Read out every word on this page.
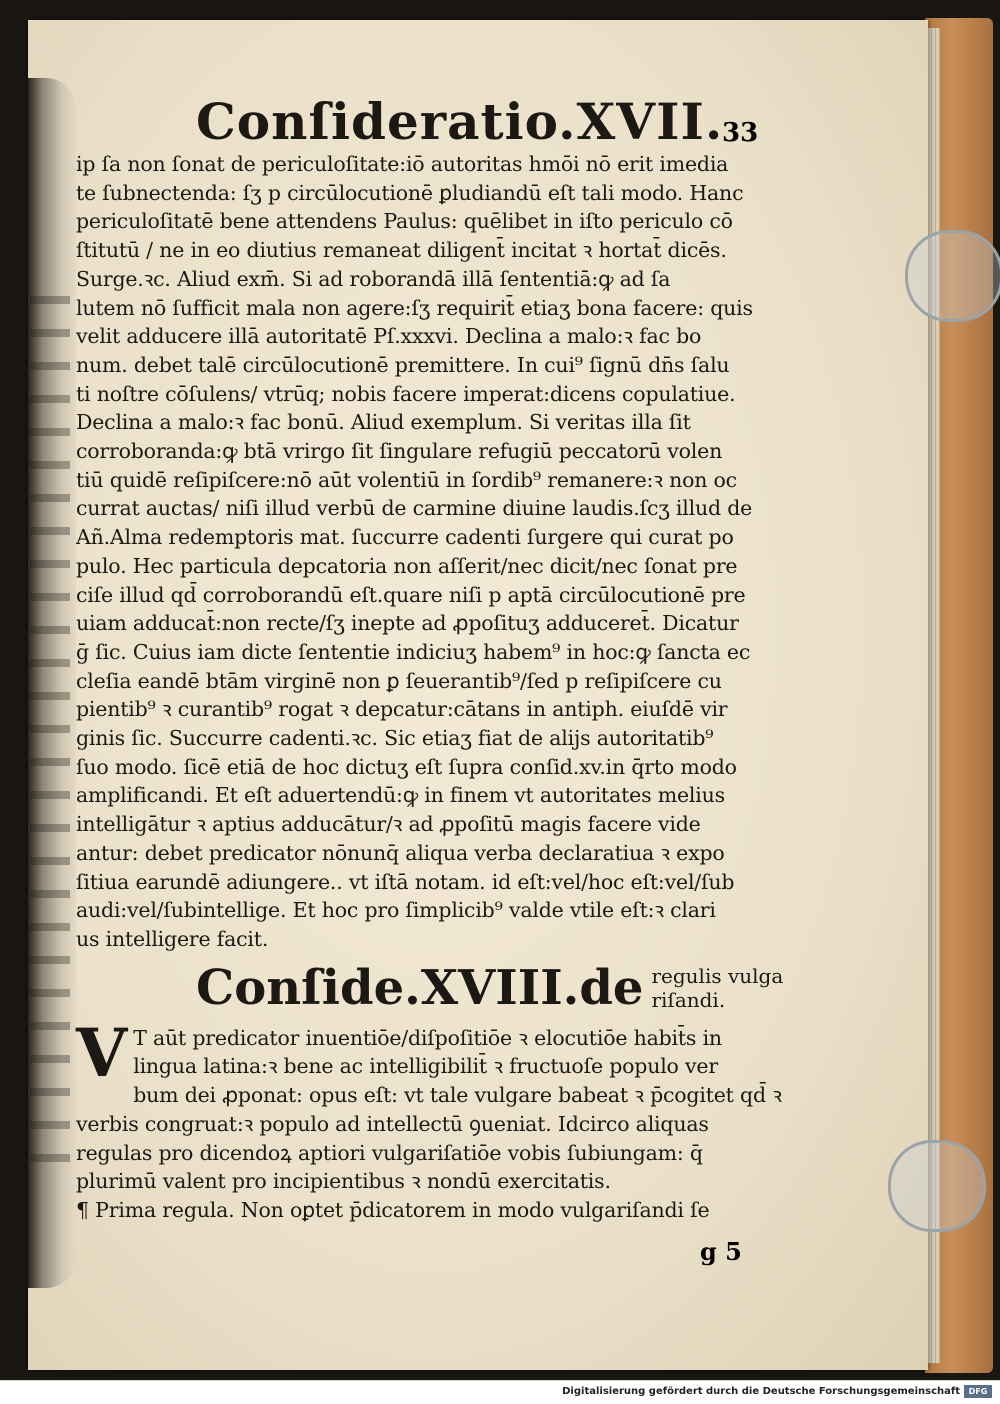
33
Conſideratio.XVII.
ip ſa non ſonat de periculoſitate:iō autoritas hmōi nō erit imedia
te ſubnectenda: ſʒ p circūlocutionē ꝑludiandū eſt tali modo. Hanc
periculoſitatē bene attendens Paulus: quēlibet in iſto periculo cō
ſtitutū / ne in eo diutius remaneat diligent̄ incitat ꝛ hortat̄ dicēs.
Surge.ꝛc. Aliud exm̄. Si ad roborandā illā ſententiā:ꝙ ad ſa
lutem nō ſufficit mala non agere:ſʒ requirit̄ etiaʒ bona facere: quis
velit adducere illā autoritatē Pſ.xxxvi. Declina a malo:ꝛ fac bo
num. debet talē circūlocutionē premittere. In cui⁹ ſignū dn̄s ſalu
ti noſtre cōſulens/ vtrūq; nobis facere imperat:dicens copulatiue.
Declina a malo:ꝛ fac bonū. Aliud exemplum. Si veritas illa ſit
corroboranda:ꝙ btā vrirgo ſit ſingulare refugiū peccatorū volen
tiū quidē reſipiſcere:nō aūt volentiū in ſordib⁹ remanere:ꝛ non oc
currat auctas/ niſi illud verbū de carmine diuine laudis.ſcʒ illud de
Añ.Alma redemptoris mat. ſuccurre cadenti ſurgere qui curat po
pulo. Hec particula depcatoria non aſſerit/nec dicit/nec ſonat pre
ciſe illud qd̄ corroborandū eſt.quare niſi p aptā circūlocutionē pre
uiam adducat̄:non recte/ſʒ inepte ad ꝓpoſituʒ adduceret̄. Dicatur
ḡ ſic. Cuius iam dicte ſententie indiciuʒ habem⁹ in hoc:ꝙ ſancta ec
cleſia eandē btām virginē non ꝑ ſeuerantib⁹/ſed p reſipiſcere cu
pientib⁹ ꝛ curantib⁹ rogat ꝛ depcatur:cātans in antiph. eiuſdē vir
ginis ſic. Succurre cadenti.ꝛc. Sic etiaʒ fiat de alijs autoritatib⁹
ſuo modo. ſicē etiā de hoc dictuʒ eſt ſupra conſid.xv.in q̄rto modo
amplificandi. Et eſt aduertendū:ꝙ in finem vt autoritates melius
intelligātur ꝛ aptius adducātur/ꝛ ad ꝓpoſitū magis facere vide
antur: debet predicator nōnunq̄ aliqua verba declaratiua ꝛ expo
ſitiua earundē adiungere.. vt iſtā notam. id eſt:vel/hoc eſt:vel/ſub
audi:vel/ſubintellige. Et hoc pro ſimplicib⁹ valde vtile eſt:ꝛ clari
us intelligere facit.
Conſide.XVIII.de regulis vulga
riſandi.
V T aūt predicator inuentiōe/diſpoſitiōe ꝛ elocutiōe habit̄s in
lingua latina:ꝛ bene ac intelligibilit̄ ꝛ fructuoſe populo ver
bum dei ꝓponat: opus eſt: vt tale vulgare babeat ꝛ p̄cogitet qd̄ ꝛ
verbis congruat:ꝛ populo ad intellectū ꝯueniat. Idcirco aliquas
regulas pro dicendoꝝ aptiori vulgariſatiōe vobis ſubiungam: q̄
plurimū valent pro incipientibus ꝛ nondū exercitatis.
¶ Prima regula. Non oꝑtet p̄dicatorem in modo vulgariſandi ſe
g 5
Digitalisierung gefördert durch die Deutsche Forschungsgemeinschaft	DFG
